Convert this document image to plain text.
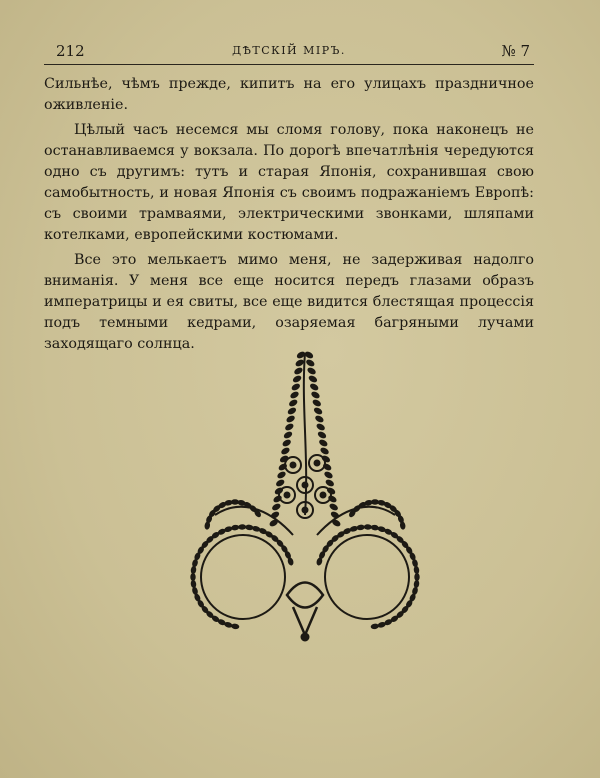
212	ДѢТСКІЙ МІРЪ.	№ 7

Сильнѣе, чѣмъ прежде, кипитъ на его улицахъ праздничное оживленіе.

Цѣлый часъ несемся мы сломя голову, пока наконецъ не останавливаемся у вокзала. По дорогѣ впечатлѣнія чередуются одно съ другимъ: тутъ и старая Японія, сохранившая свою самобытность, и новая Японія съ своимъ подражаніемъ Европѣ: съ своими трамваями, электрическими звонками, шляпами котелками, европейскими костюмами.

Все это мелькаетъ мимо меня, не задерживая надолго вниманія. У меня все еще носится передъ глазами образъ императрицы и ея свиты, все еще видится блестящая процессія подъ темными кедрами, озаряемая багряными лучами заходящаго солнца.
